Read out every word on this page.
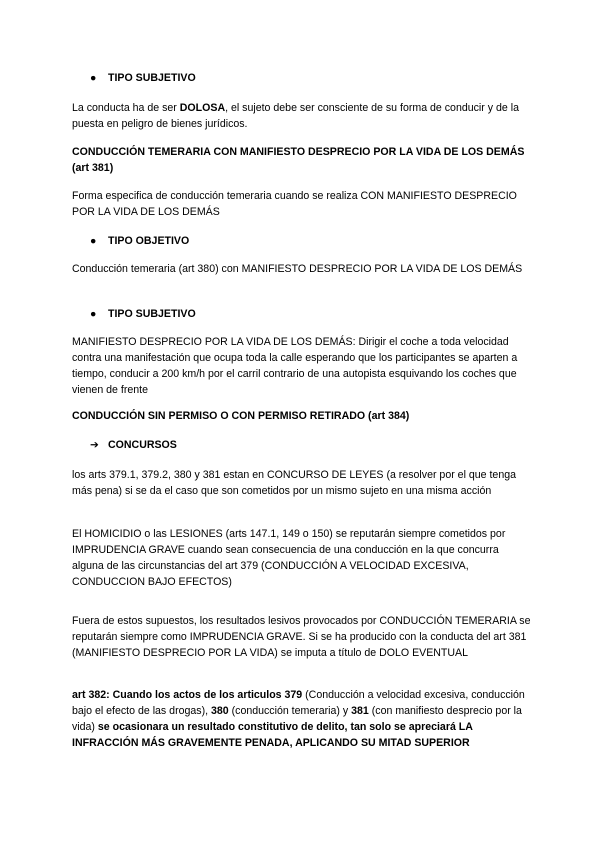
● TIPO SUBJETIVO

La conducta ha de ser DOLOSA, el sujeto debe ser consciente de su forma de conducir y de la puesta en peligro de bienes jurídicos.

CONDUCCIÓN TEMERARIA CON MANIFIESTO DESPRECIO POR LA VIDA DE LOS DEMÁS (art 381)

Forma especifica de conducción temeraria cuando se realiza CON MANIFIESTO DESPRECIO POR LA VIDA DE LOS DEMÁS

● TIPO OBJETIVO

Conducción temeraria (art 380) con MANIFIESTO DESPRECIO POR LA VIDA DE LOS DEMÁS

● TIPO SUBJETIVO

MANIFIESTO DESPRECIO POR LA VIDA DE LOS DEMÁS: Dirigir el coche a toda velocidad contra una manifestación que ocupa toda la calle esperando que los participantes se aparten a tiempo, conducir a 200 km/h por el carril contrario de una autopista esquivando los coches que vienen de frente

CONDUCCIÓN SIN PERMISO O CON PERMISO RETIRADO (art 384)

➔ CONCURSOS

los arts 379.1, 379.2, 380 y 381 estan en CONCURSO DE LEYES (a resolver por el que tenga más pena) si se da el caso que son cometidos por un mismo sujeto en una misma acción

El HOMICIDIO o las LESIONES (arts 147.1, 149 o 150) se reputarán siempre cometidos por IMPRUDENCIA GRAVE cuando sean consecuencia de una conducción en la que concurra alguna de las circunstancias del art 379 (CONDUCCIÓN A VELOCIDAD EXCESIVA, CONDUCCION BAJO EFECTOS)

Fuera de estos supuestos, los resultados lesivos provocados por CONDUCCIÓN TEMERARIA se reputarán siempre como IMPRUDENCIA GRAVE. Si se ha producido con la conducta del art 381 (MANIFIESTO DESPRECIO POR LA VIDA) se imputa a título de DOLO EVENTUAL

art 382: Cuando los actos de los articulos 379 (Conducción a velocidad excesiva, conducción bajo el efecto de las drogas), 380 (conducción temeraria) y 381 (con manifiesto desprecio por la vida) se ocasionara un resultado constitutivo de delito, tan solo se apreciará LA INFRACCIÓN MÁS GRAVEMENTE PENADA, APLICANDO SU MITAD SUPERIOR
